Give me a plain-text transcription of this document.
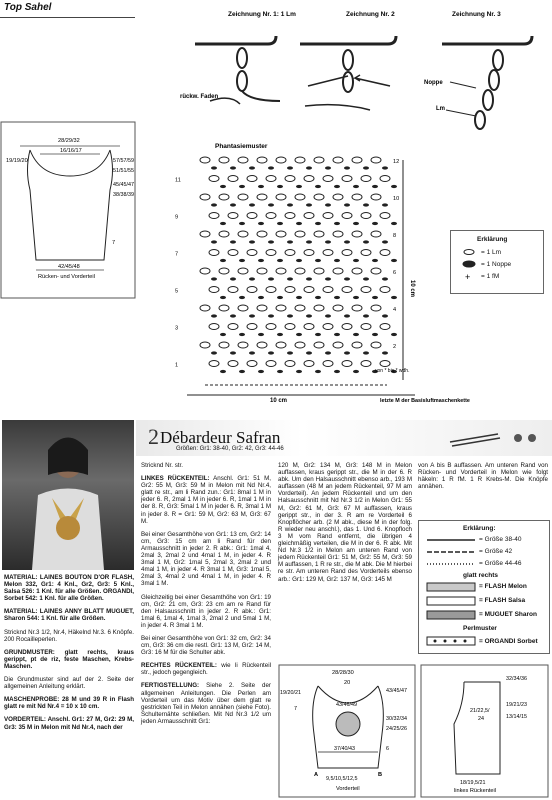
Top Sahel
Zeichnung Nr. 1: 1 Lm	Zeichnung Nr. 2	Zeichnung Nr. 3
rückw. Faden
Noppe
Lm
28/29/32
16/16/17
19/19/20	57/57/59
51/51/55
45/45/47
38/38/39
7
42/45/48
Rücken- und Vorderteil
Phantasiemuster
12
11
10
9
8
7
6
5
4
3
2
1
10 cm
10 cm
von * bis * wdh.
letzte M der Basisluftmaschenkette
Erklärung
= 1 Lm
= 1 Noppe
= 1 fM
+
2 Débardeur Safran
Größen: Gr1: 38-40, Gr2: 42, Gr3: 44-46

MATERIAL: LAINES BOUTON D'OR FLASH, Melon 332, Gr1: 4 Knl., Gr2, Gr3: 5 Knl., Salsa 526: 1 Knl. für alle Größen. ORGANDI, Sorbet 542: 1 Knl. für alle Größen.

MATERIAL: LAINES ANNY BLATT MUGUET, Sharon 544: 1 Knl. für alle Größen.

Stricknd Nr.3 1/2, Nr.4, Häkelnd Nr.3. 6 Knöpfe. 200 Rocailleperlen.

GRUNDMUSTER: glatt rechts, kraus gerippt, pt de riz, feste Maschen, Krebs-Maschen.

Die Grundmuster sind auf der 2. Seite der allgemeinen Anleitung erklärt.

MASCHENPROBE: 28 M und 39 R in Flash glatt re mit Nd Nr.4 = 10 x 10 cm.

VORDERTEIL: Anschl. Gr1: 27 M, Gr2: 29 M, Gr3: 35 M in Melon mit Nd Nr.4, nach der

Stricknd Nr. str.

LINKES RÜCKENTEIL: Anschl. Gr1: 51 M, Gr2: 55 M, Gr3: 59 M in Melon mit Nd Nr.4, glatt re str., am li Rand zun.: Gr1: 8mal 1 M in jeder 6. R, 2mal 1 M in jeder 6. R, 1mal 1 M in der 8. R, Gr3: 5mal 1 M in jeder 6. R, 3mal 1 M in jeder 8. R = Gr1: 59 M, Gr2: 63 M, Gr3: 67 M.

Bei einer Gesamthöhe von Gr1: 13 cm, Gr2: 14 cm, Gr3: 15 cm am li Rand für den Armausschnitt in jeder 2. R abk.: Gr1: 1mal 4, 2mal 3, 2mal 2 und 4mal 1 M, in jeder 4. R 3mal 1 M, Gr2: 1mal 5, 2mal 3, 2mal 2 und 4mal 1 M, in jeder 4. R 3mal 1 M, Gr3: 1mal 5, 2mal 3, 4mal 2 und 4mal 1 M, in jeder 4. R 3mal 1 M.

Gleichzeitig bei einer Gesamthöhe von Gr1: 19 cm, Gr2: 21 cm, Gr3: 23 cm am re Rand für den Halsausschnitt in jeder 2. R abk.: Gr1: 1mal 6, 1mal 4, 1mal 3, 2mal 2 und 5mal 1 M, in jeder 4. R 3mal 1 M.

Bei einer Gesamthöhe von Gr1: 32 cm, Gr2: 34 cm, Gr3: 36 cm die restl. Gr1: 13 M, Gr2: 14 M, Gr3: 16 M für die Schulter abk.

RECHTES RÜCKENTEIL: wie li Rückenteil str., jedoch gegengleich.

FERTIGSTELLUNG: Siehe 2. Seite der allgemeinen Anleitungen. Die Perlen am Vorderteil um das Motiv über dem glatt re gestrickten Teil in Melon annähen (siehe Foto). Schulternähte schließen. Mit Nd Nr.3 1/2 um jeden Armausschnitt Gr1:

120 M, Gr2: 134 M, Gr3: 148 M in Melon auffassen, kraus gerippt str., die M in der 6. R abk. Um den Halsausschnitt ebenso arb., 193 M auffassen (48 M an jedem Rückenteil, 97 M am Vorderteil). An jedem Rückenteil und um den Halsausschnitt mit Nd Nr.3 1/2 in Melon Gr1: 55 M, Gr2: 61 M, Gr3: 67 M auffassen, kraus gerippt str., in der 3. R am re Vorderteil 6 Knopflöcher arb. (2 M abk., diese M in der folg. R wieder neu anschl.), das 1. Und 6. Knopfloch 3 M vom Rand entfernt, die übrigen 4 gleichmäßig verteilen, die M in der 6. R abk. Mit Nd Nr.3 1/2 in Melon am unteren Rand von jedem Rückenteil Gr1: 51 M, Gr2: 55 M, Gr3: 59 M auffassen, 1 R re str., die M abk. Die M hierbei re str. Am unteren Rand des Vorderteils ebenso arb.: Gr1: 129 M, Gr2: 137 M, Gr3: 145 M

von A bis B auffassen. Am unteren Rand von Rücken- und Vorderteil in Melon wie folgt häkeln: 1 R fM. 1 R Krebs-M. Die Knöpfe annähen.

Erklärung:
= Größe 38-40
= Größe 42
= Größe 44-46
glatt rechts
= FLASH Melon
= FLASH Salsa
= MUGUET Sharon
Perlmuster
= ORGANDI Sorbet
28/28/30
20
19/20/21
7
43/45/47
30/32/34
24/25/26
6
43/46/49
37/40/43
A	B
9,5/10,5/12,5
Vorderteil
32/34/36
19/21/23
13/14/15
21/22,5/
24
18/19,5/21
linkes Rückenteil
